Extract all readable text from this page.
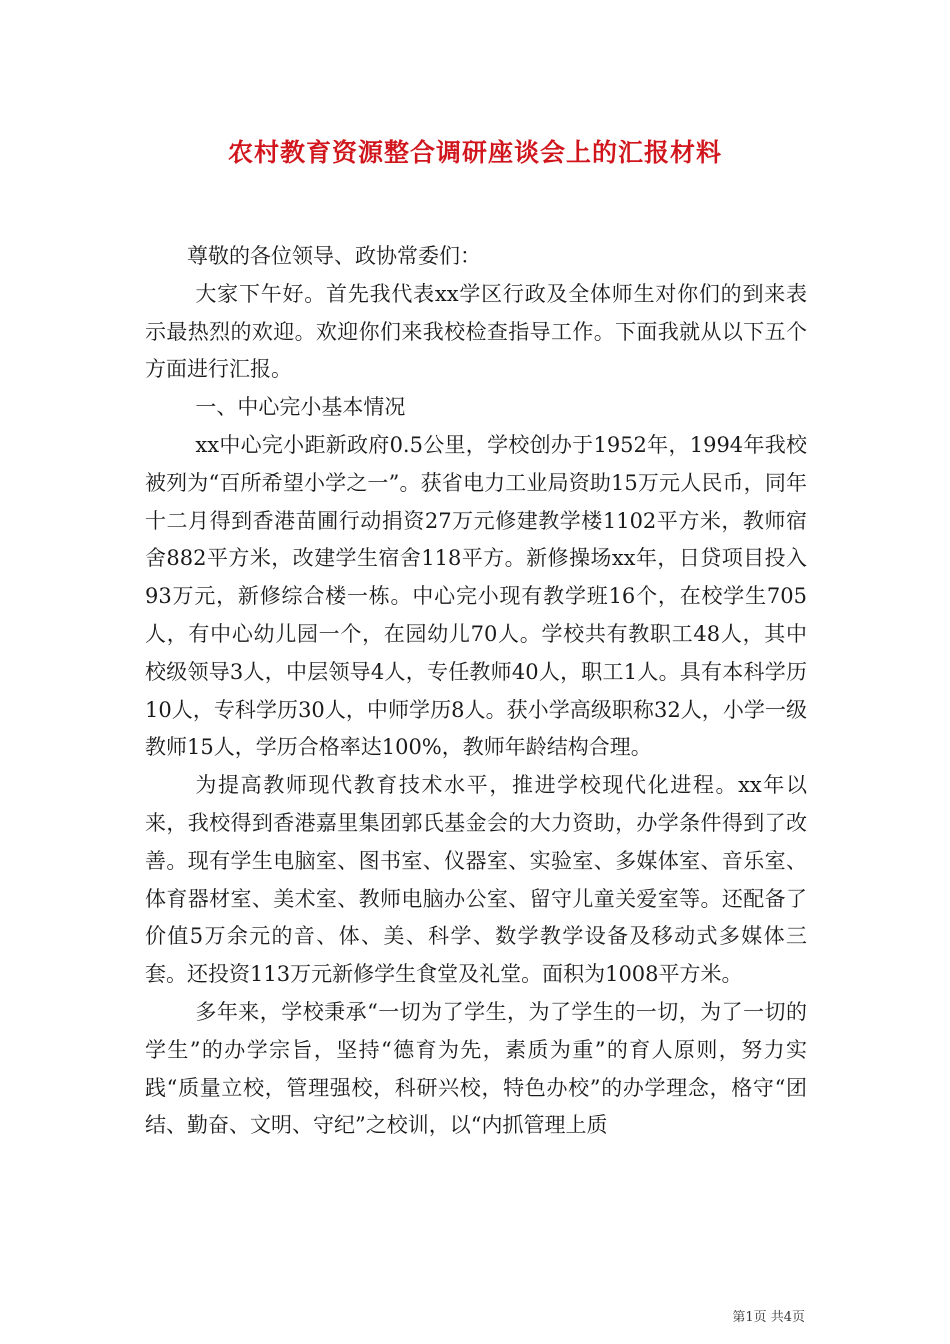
农村教育资源整合调研座谈会上的汇报材料

尊敬的各位领导、政协常委们：

大家下午好。首先我代表xx学区行政及全体师生对你们的到来表示最热烈的欢迎。欢迎你们来我校检查指导工作。下面我就从以下五个方面进行汇报。

一、中心完小基本情况

xx中心完小距新政府0.5公里，学校创办于1952年，1994年我校被列为“百所希望小学之一”。获省电力工业局资助15万元人民币，同年十二月得到香港苗圃行动捐资27万元修建教学楼1102平方米，教师宿舍882平方米，改建学生宿舍118平方。新修操场xx年，日贷项目投入93万元，新修综合楼一栋。中心完小现有教学班16个，在校学生705人，有中心幼儿园一个，在园幼儿70人。学校共有教职工48人，其中校级领导3人，中层领导4人，专任教师40人，职工1人。具有本科学历10人，专科学历30人，中师学历8人。获小学高级职称32人，小学一级教师15人，学历合格率达100%，教师年龄结构合理。

为提高教师现代教育技术水平，推进学校现代化进程。xx年以来，我校得到香港嘉里集团郭氏基金会的大力资助，办学条件得到了改善。现有学生电脑室、图书室、仪器室、实验室、多媒体室、音乐室、体育器材室、美术室、教师电脑办公室、留守儿童关爱室等。还配备了价值5万余元的音、体、美、科学、数学教学设备及移动式多媒体三套。还投资113万元新修学生食堂及礼堂。面积为1008平方米。

多年来，学校秉承“一切为了学生，为了学生的一切，为了一切的学生”的办学宗旨，坚持“德育为先，素质为重”的育人原则，努力实践“质量立校，管理强校，科研兴校，特色办校”的办学理念，格守“团结、勤奋、文明、守纪”之校训，以“内抓管理上质

第1页 共4页
